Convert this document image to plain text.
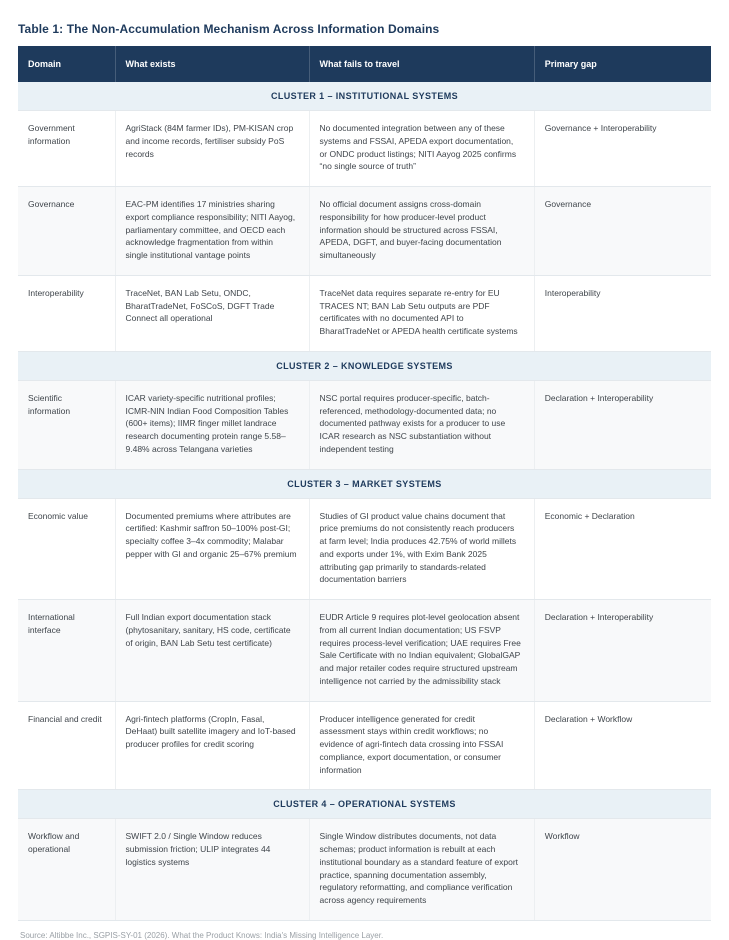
Table 1: The Non-Accumulation Mechanism Across Information Domains
Domain	What exists	What fails to travel	Primary gap
CLUSTER 1 – INSTITUTIONAL SYSTEMS			
Government information	AgriStack (84M farmer IDs), PM-KISAN crop and income records, fertiliser subsidy PoS records	No documented integration between any of these systems and FSSAI, APEDA export documentation, or ONDC product listings; NITI Aayog 2025 confirms “no single source of truth”	Governance + Interoperability
Governance	EAC-PM identifies 17 ministries sharing export compliance responsibility; NITI Aayog, parliamentary committee, and OECD each acknowledge fragmentation from within single institutional vantage points	No official document assigns cross-domain responsibility for how producer-level product information should be structured across FSSAI, APEDA, DGFT, and buyer-facing documentation simultaneously	Governance
Interoperability	TraceNet, BAN Lab Setu, ONDC, BharatTradeNet, FoSCoS, DGFT Trade Connect all operational	TraceNet data requires separate re-entry for EU TRACES NT; BAN Lab Setu outputs are PDF certificates with no documented API to BharatTradeNet or APEDA health certificate systems	Interoperability
CLUSTER 2 – KNOWLEDGE SYSTEMS			
Scientific information	ICAR variety-specific nutritional profiles; ICMR-NIN Indian Food Composition Tables (600+ items); IIMR finger millet landrace research documenting protein range 5.58–9.48% across Telangana varieties	NSC portal requires producer-specific, batch-referenced, methodology-documented data; no documented pathway exists for a producer to use ICAR research as NSC substantiation without independent testing	Declaration + Interoperability
CLUSTER 3 – MARKET SYSTEMS			
Economic value	Documented premiums where attributes are certified: Kashmir saffron 50–100% post-GI; specialty coffee 3–4x commodity; Malabar pepper with GI and organic 25–67% premium	Studies of GI product value chains document that price premiums do not consistently reach producers at farm level; India produces 42.75% of world millets and exports under 1%, with Exim Bank 2025 attributing gap primarily to standards-related documentation barriers	Economic + Declaration
International interface	Full Indian export documentation stack (phytosanitary, sanitary, HS code, certificate of origin, BAN Lab Setu test certificate)	EUDR Article 9 requires plot-level geolocation absent from all current Indian documentation; US FSVP requires process-level verification; UAE requires Free Sale Certificate with no Indian equivalent; GlobalGAP and major retailer codes require structured upstream intelligence not carried by the admissibility stack	Declaration + Interoperability
Financial and credit	Agri-fintech platforms (CropIn, Fasal, DeHaat) built satellite imagery and IoT-based producer profiles for credit scoring	Producer intelligence generated for credit assessment stays within credit workflows; no evidence of agri-fintech data crossing into FSSAI compliance, export documentation, or consumer information	Declaration + Workflow
CLUSTER 4 – OPERATIONAL SYSTEMS			
Workflow and operational	SWIFT 2.0 / Single Window reduces submission friction; ULIP integrates 44 logistics systems	Single Window distributes documents, not data schemas; product information is rebuilt at each institutional boundary as a standard feature of export practice, spanning documentation assembly, regulatory reformatting, and compliance verification across agency requirements	Workflow
Source: Altibbe Inc., SGPIS-SY-01 (2026). What the Product Knows: India's Missing Intelligence Layer.
